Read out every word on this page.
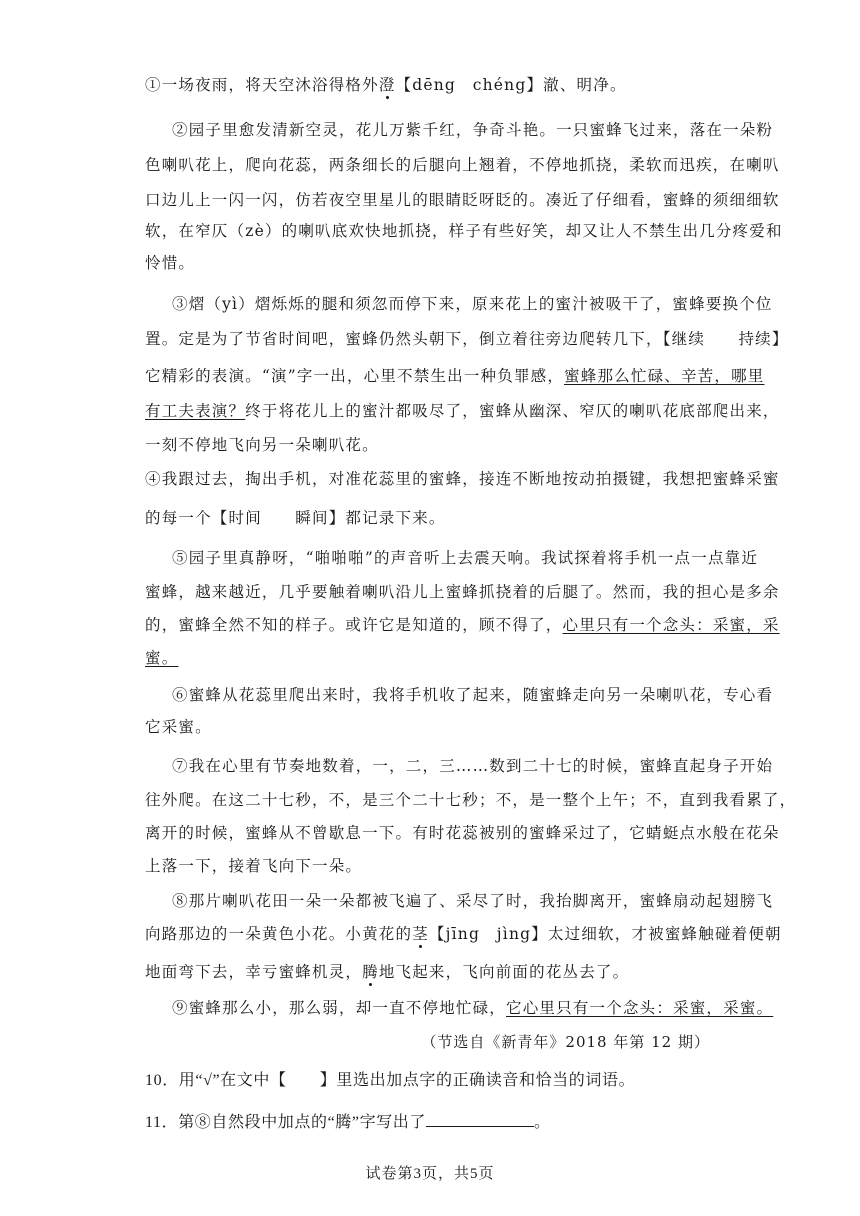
①一场夜雨，将天空沐浴得格外澄【dēng　chéng】澈、明净。
②园子里愈发清新空灵，花儿万紫千红，争奇斗艳。一只蜜蜂飞过来，落在一朵粉
色喇叭花上，爬向花蕊，两条细长的后腿向上翘着，不停地抓挠，柔软而迅疾，在喇叭
口边儿上一闪一闪，仿若夜空里星儿的眼睛眨呀眨的。凑近了仔细看，蜜蜂的须细细软
软，在窄仄（zè）的喇叭底欢快地抓挠，样子有些好笑，却又让人不禁生出几分疼爱和
怜惜。
③熠（yì）熠烁烁的腿和须忽而停下来，原来花上的蜜汁被吸干了，蜜蜂要换个位
置。定是为了节省时间吧，蜜蜂仍然头朝下，倒立着往旁边爬转几下，【继续　　持续】
它精彩的表演。“演”字一出，心里不禁生出一种负罪感，蜜蜂那么忙碌、辛苦，哪里
有工夫表演？终于将花儿上的蜜汁都吸尽了，蜜蜂从幽深、窄仄的喇叭花底部爬出来，
一刻不停地飞向另一朵喇叭花。
④我跟过去，掏出手机，对准花蕊里的蜜蜂，接连不断地按动拍摄键，我想把蜜蜂采蜜
的每一个【时间　　瞬间】都记录下来。
⑤园子里真静呀，“啪啪啪”的声音听上去震天响。我试探着将手机一点一点靠近
蜜蜂，越来越近，几乎要触着喇叭沿儿上蜜蜂抓挠着的后腿了。然而，我的担心是多余
的，蜜蜂全然不知的样子。或许它是知道的，顾不得了，心里只有一个念头：采蜜，采
蜜。
⑥蜜蜂从花蕊里爬出来时，我将手机收了起来，随蜜蜂走向另一朵喇叭花，专心看
它采蜜。
⑦我在心里有节奏地数着，一，二，三……数到二十七的时候，蜜蜂直起身子开始
往外爬。在这二十七秒，不，是三个二十七秒；不，是一整个上午；不，直到我看累了，
离开的时候，蜜蜂从不曾歇息一下。有时花蕊被别的蜜蜂采过了，它蜻蜓点水般在花朵
上落一下，接着飞向下一朵。
⑧那片喇叭花田一朵一朵都被飞遍了、采尽了时，我抬脚离开，蜜蜂扇动起翅膀飞
向路那边的一朵黄色小花。小黄花的茎【jīng　jìng】太过细软，才被蜜蜂触碰着便朝
地面弯下去，幸亏蜜蜂机灵，腾地飞起来，飞向前面的花丛去了。
⑨蜜蜂那么小，那么弱，却一直不停地忙碌，它心里只有一个念头：采蜜，采蜜。
（节选自《新青年》2018 年第 12 期）
10．用“√”在文中【　　】里选出加点字的正确读音和恰当的词语。
11．第⑧自然段中加点的“腾”字写出了	。
试卷第3页，共5页
